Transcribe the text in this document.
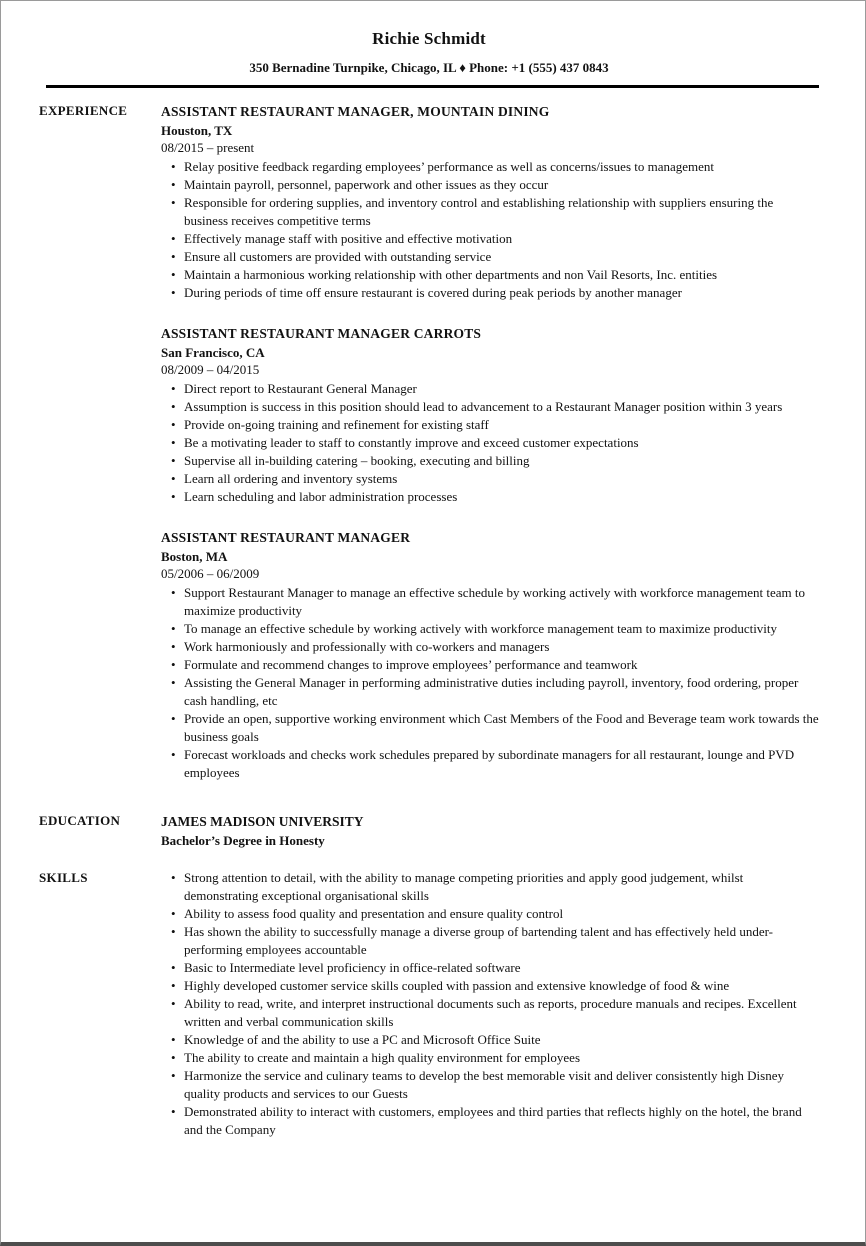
Richie Schmidt
350 Bernadine Turnpike, Chicago, IL ♦ Phone: +1 (555) 437 0843
EXPERIENCE	ASSISTANT RESTAURANT MANAGER, MOUNTAIN DINING
Houston, TX
08/2015 – present
• Relay positive feedback regarding employees’ performance as well as concerns/issues to management
• Maintain payroll, personnel, paperwork and other issues as they occur
• Responsible for ordering supplies, and inventory control and establishing relationship with suppliers ensuring the business receives competitive terms
• Effectively manage staff with positive and effective motivation
• Ensure all customers are provided with outstanding service
• Maintain a harmonious working relationship with other departments and non Vail Resorts, Inc. entities
• During periods of time off ensure restaurant is covered during peak periods by another manager
ASSISTANT RESTAURANT MANAGER CARROTS
San Francisco, CA
08/2009 – 04/2015
• Direct report to Restaurant General Manager
• Assumption is success in this position should lead to advancement to a Restaurant Manager position within 3 years
• Provide on-going training and refinement for existing staff
• Be a motivating leader to staff to constantly improve and exceed customer expectations
• Supervise all in-building catering – booking, executing and billing
• Learn all ordering and inventory systems
• Learn scheduling and labor administration processes
ASSISTANT RESTAURANT MANAGER
Boston, MA
05/2006 – 06/2009
• Support Restaurant Manager to manage an effective schedule by working actively with workforce management team to maximize productivity
• To manage an effective schedule by working actively with workforce management team to maximize productivity
• Work harmoniously and professionally with co-workers and managers
• Formulate and recommend changes to improve employees’ performance and teamwork
• Assisting the General Manager in performing administrative duties including payroll, inventory, food ordering, proper cash handling, etc
• Provide an open, supportive working environment which Cast Members of the Food and Beverage team work towards the business goals
• Forecast workloads and checks work schedules prepared by subordinate managers for all restaurant, lounge and PVD employees
EDUCATION	JAMES MADISON UNIVERSITY
Bachelor’s Degree in Honesty
SKILLS	• Strong attention to detail, with the ability to manage competing priorities and apply good judgement, whilst demonstrating exceptional organisational skills
• Ability to assess food quality and presentation and ensure quality control
• Has shown the ability to successfully manage a diverse group of bartending talent and has effectively held under-performing employees accountable
• Basic to Intermediate level proficiency in office-related software
• Highly developed customer service skills coupled with passion and extensive knowledge of food & wine
• Ability to read, write, and interpret instructional documents such as reports, procedure manuals and recipes. Excellent written and verbal communication skills
• Knowledge of and the ability to use a PC and Microsoft Office Suite
• The ability to create and maintain a high quality environment for employees
• Harmonize the service and culinary teams to develop the best memorable visit and deliver consistently high Disney quality products and services to our Guests
• Demonstrated ability to interact with customers, employees and third parties that reflects highly on the hotel, the brand and the Company
